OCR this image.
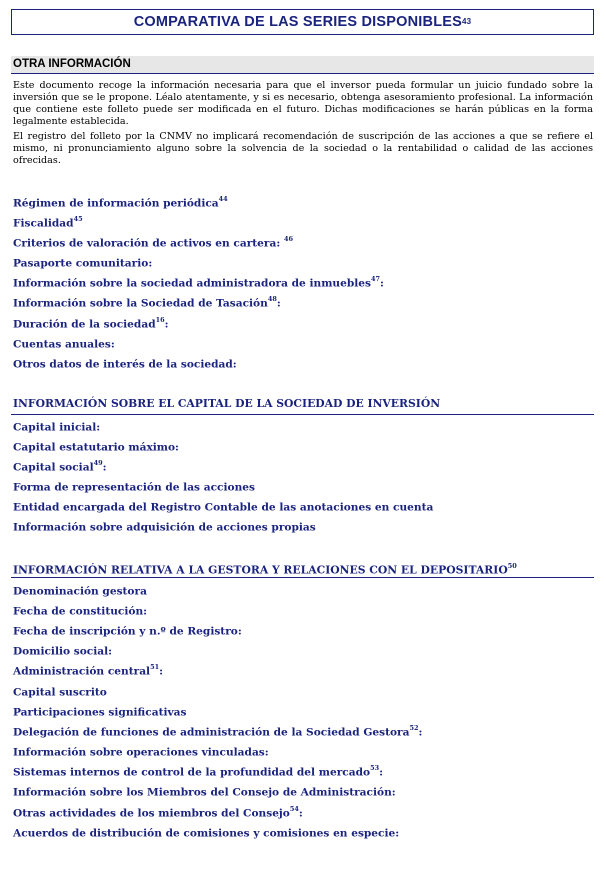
COMPARATIVA DE LAS SERIES DISPONIBLES$^{43}$
OTRA INFORMACIÓN
Este documento recoge la información necesaria para que el inversor pueda formular un juicio fundado sobre la inversión que se le propone. Léalo atentamente, y si es necesario, obtenga asesoramiento profesional. La información que contiene este folleto puede ser modificada en el futuro. Dichas modificaciones se harán públicas en la forma legalmente establecida.
El registro del folleto por la CNMV no implicará recomendación de suscripción de las acciones a que se refiere el mismo, ni pronunciamiento alguno sobre la solvencia de la sociedad o la rentabilidad o calidad de las acciones ofrecidas.
Régimen de información periódica$^{44}$
Fiscalidad$^{45}$
Criterios de valoración de activos en cartera: $^{46}$
Pasaporte comunitario:
Información sobre la sociedad administradora de inmuebles$^{47}$:
Información sobre la Sociedad de Tasación$^{48}$:
Duración de la sociedad$^{16}$:
Cuentas anuales:
Otros datos de interés de la sociedad:
INFORMACIÓN SOBRE EL CAPITAL DE LA SOCIEDAD DE INVERSIÓN
Capital inicial:
Capital estatutario máximo:
Capital social$^{49}$:
Forma de representación de las acciones
Entidad encargada del Registro Contable de las anotaciones en cuenta
Información sobre adquisición de acciones propias
INFORMACIÓN RELATIVA A LA GESTORA Y RELACIONES CON EL DEPOSITARIO$^{50}$
Denominación gestora
Fecha de constitución:
Fecha de inscripción y n.º de Registro:
Domicilio social:
Administración central$^{51}$:
Capital suscrito
Participaciones significativas
Delegación de funciones de administración de la Sociedad Gestora$^{52}$:
Información sobre operaciones vinculadas:
Sistemas internos de control de la profundidad del mercado$^{53}$:
Información sobre los Miembros del Consejo de Administración:
Otras actividades de los miembros del Consejo$^{54}$:
Acuerdos de distribución de comisiones y comisiones en especie:
